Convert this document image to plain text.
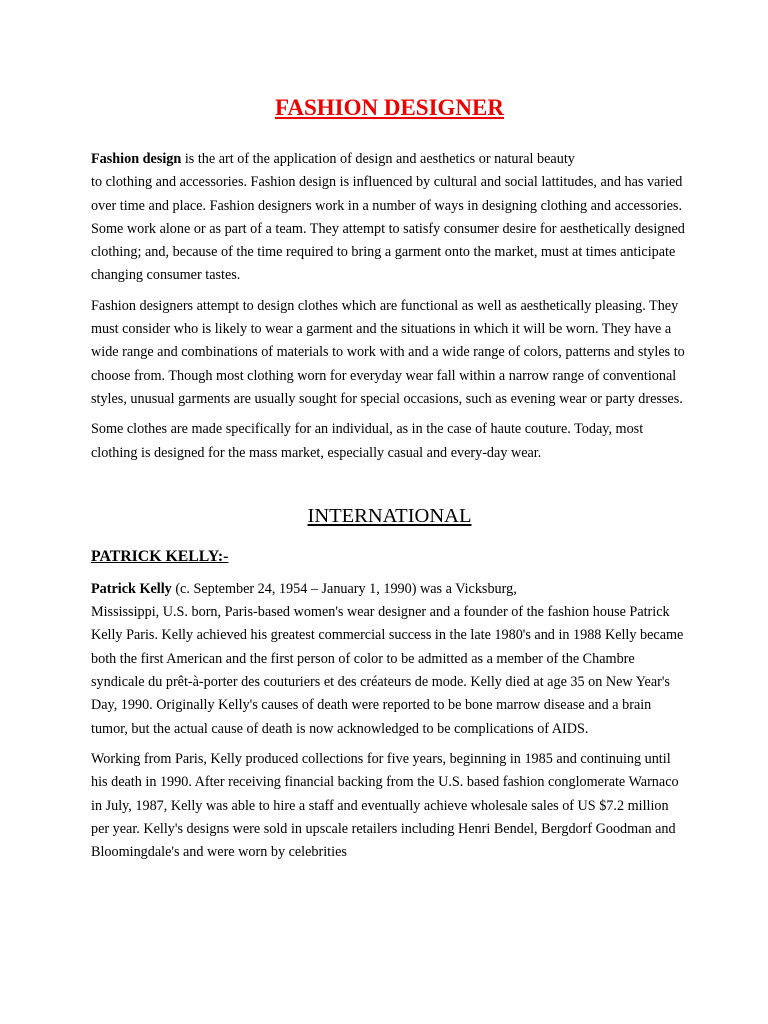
FASHION DESIGNER

Fashion design is the art of the application of design and aesthetics or natural beauty
to clothing and accessories. Fashion design is influenced by cultural and social lattitudes, and has varied over time and place. Fashion designers work in a number of ways in designing clothing and accessories. Some work alone or as part of a team. They attempt to satisfy consumer desire for aesthetically designed clothing; and, because of the time required to bring a garment onto the market, must at times anticipate changing consumer tastes.

Fashion designers attempt to design clothes which are functional as well as aesthetically pleasing. They must consider who is likely to wear a garment and the situations in which it will be worn. They have a wide range and combinations of materials to work with and a wide range of colors, patterns and styles to choose from. Though most clothing worn for everyday wear fall within a narrow range of conventional styles, unusual garments are usually sought for special occasions, such as evening wear or party dresses.

Some clothes are made specifically for an individual, as in the case of haute couture. Today, most clothing is designed for the mass market, especially casual and every-day wear.

INTERNATIONAL
PATRICK KELLY:-

Patrick Kelly (c. September 24, 1954 – January 1, 1990) was a Vicksburg,
Mississippi, U.S. born, Paris-based women's wear designer and a founder of the fashion house Patrick Kelly Paris. Kelly achieved his greatest commercial success in the late 1980's and in 1988 Kelly became both the first American and the first person of color to be admitted as a member of the Chambre syndicale du prêt-à-porter des couturiers et des créateurs de mode. Kelly died at age 35 on New Year's Day, 1990. Originally Kelly's causes of death were reported to be bone marrow disease and a brain tumor, but the actual cause of death is now acknowledged to be complications of AIDS.

Working from Paris, Kelly produced collections for five years, beginning in 1985 and continuing until his death in 1990. After receiving financial backing from the U.S. based fashion conglomerate Warnaco in July, 1987, Kelly was able to hire a staff and eventually achieve wholesale sales of US $7.2 million per year. Kelly's designs were sold in upscale retailers including Henri Bendel, Bergdorf Goodman and Bloomingdale's and were worn by celebrities
